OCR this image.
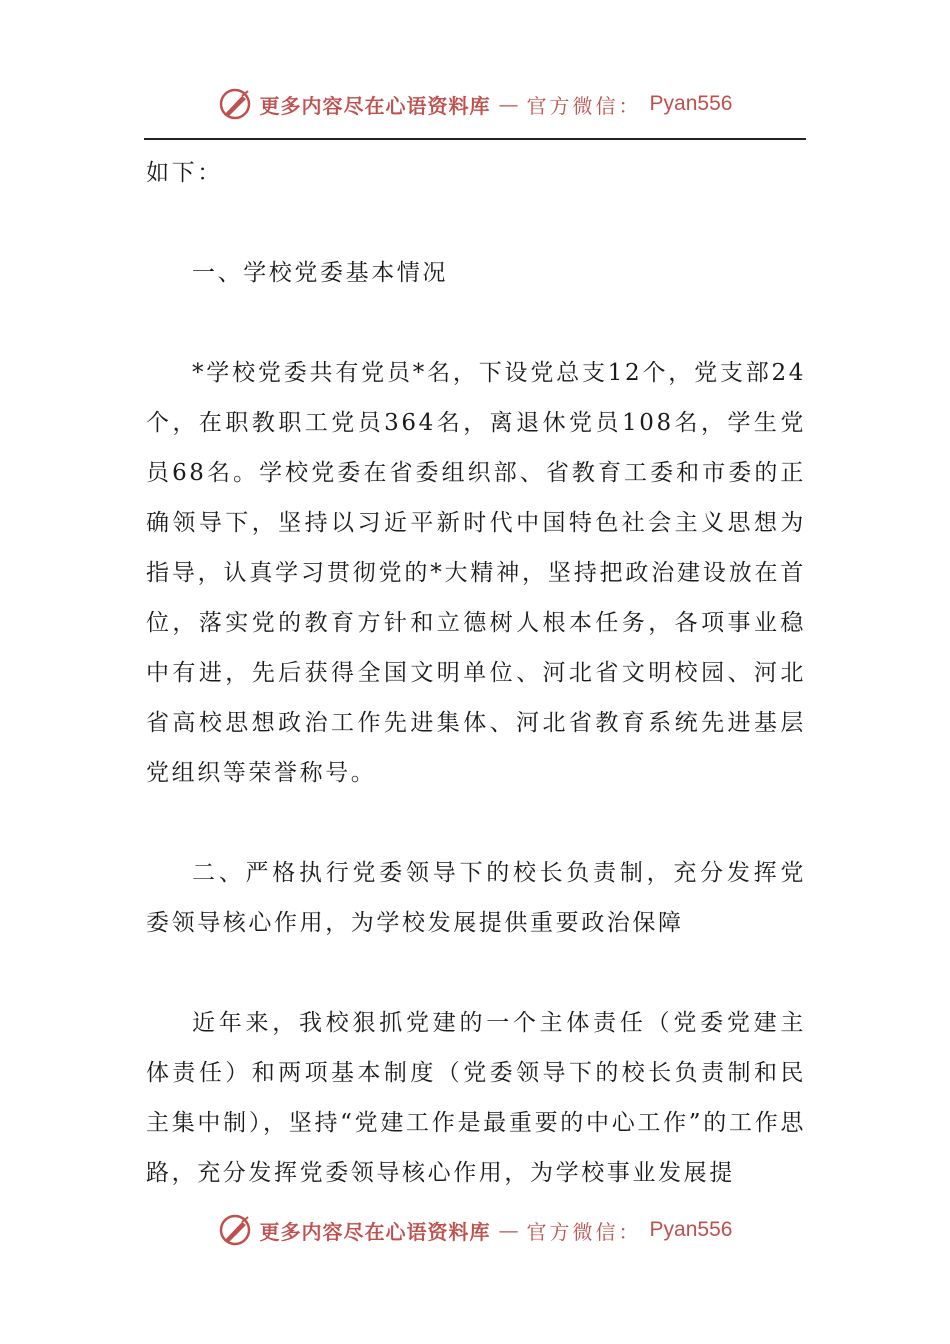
更多内容尽在心语资料库 — 官方微信： Pyan556

如下：

一、学校党委基本情况

*学校党委共有党员*名，下设党总支12个，党支部24个，在职教职工党员364名，离退休党员108名，学生党员68名。学校党委在省委组织部、省教育工委和市委的正确领导下，坚持以习近平新时代中国特色社会主义思想为指导，认真学习贯彻党的*大精神，坚持把政治建设放在首位，落实党的教育方针和立德树人根本任务，各项事业稳中有进，先后获得全国文明单位、河北省文明校园、河北省高校思想政治工作先进集体、河北省教育系统先进基层党组织等荣誉称号。

二、严格执行党委领导下的校长负责制，充分发挥党委领导核心作用，为学校发展提供重要政治保障

近年来，我校狠抓党建的一个主体责任（党委党建主体责任）和两项基本制度（党委领导下的校长负责制和民主集中制），坚持“党建工作是最重要的中心工作”的工作思路，充分发挥党委领导核心作用，为学校事业发展提

更多内容尽在心语资料库 — 官方微信： Pyan556
